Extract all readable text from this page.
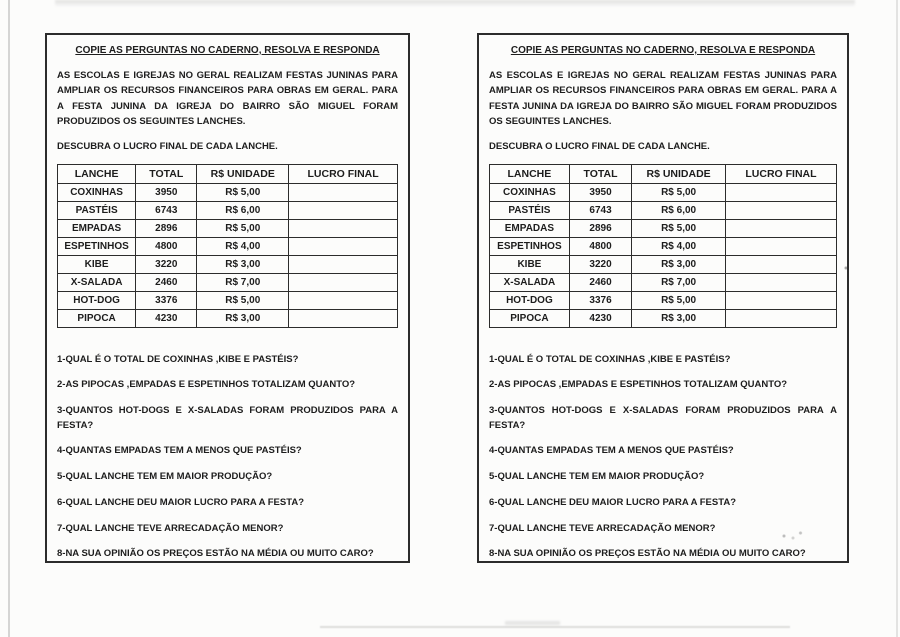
COPIE AS PERGUNTAS NO CADERNO, RESOLVA E RESPONDA

AS ESCOLAS E IGREJAS NO GERAL REALIZAM FESTAS JUNINAS PARA AMPLIAR OS RECURSOS FINANCEIROS PARA OBRAS EM GERAL. PARA A FESTA JUNINA DA IGREJA DO BAIRRO SÃO MIGUEL FORAM PRODUZIDOS OS SEGUINTES LANCHES.

DESCUBRA O LUCRO FINAL DE CADA LANCHE.

LANCHE	TOTAL	R$ UNIDADE	LUCRO FINAL
COXINHAS	3950	R$ 5,00	
PASTÉIS	6743	R$ 6,00	
EMPADAS	2896	R$ 5,00	
ESPETINHOS	4800	R$ 4,00	
KIBE	3220	R$ 3,00	
X-SALADA	2460	R$ 7,00	
HOT-DOG	3376	R$ 5,00	
PIPOCA	4230	R$ 3,00	

1-QUAL É O TOTAL DE COXINHAS ,KIBE E PASTÉIS?

2-AS PIPOCAS ,EMPADAS E ESPETINHOS TOTALIZAM QUANTO?

3-QUANTOS HOT-DOGS E X-SALADAS FORAM PRODUZIDOS PARA A FESTA?

4-QUANTAS EMPADAS TEM A MENOS QUE PASTÉIS?

5-QUAL LANCHE TEM EM MAIOR PRODUÇÃO?

6-QUAL LANCHE DEU MAIOR LUCRO PARA A FESTA?

7-QUAL LANCHE TEVE ARRECADAÇÃO MENOR?

8-NA SUA OPINIÃO OS PREÇOS ESTÃO NA MÉDIA OU MUITO CARO?

COPIE AS PERGUNTAS NO CADERNO, RESOLVA E RESPONDA

AS ESCOLAS E IGREJAS NO GERAL REALIZAM FESTAS JUNINAS PARA AMPLIAR OS RECURSOS FINANCEIROS PARA OBRAS EM GERAL. PARA A FESTA JUNINA DA IGREJA DO BAIRRO SÃO MIGUEL FORAM PRODUZIDOS OS SEGUINTES LANCHES.

DESCUBRA O LUCRO FINAL DE CADA LANCHE.

LANCHE	TOTAL	R$ UNIDADE	LUCRO FINAL
COXINHAS	3950	R$ 5,00	
PASTÉIS	6743	R$ 6,00	
EMPADAS	2896	R$ 5,00	
ESPETINHOS	4800	R$ 4,00	
KIBE	3220	R$ 3,00	
X-SALADA	2460	R$ 7,00	
HOT-DOG	3376	R$ 5,00	
PIPOCA	4230	R$ 3,00	

1-QUAL É O TOTAL DE COXINHAS ,KIBE E PASTÉIS?

2-AS PIPOCAS ,EMPADAS E ESPETINHOS TOTALIZAM QUANTO?

3-QUANTOS HOT-DOGS E X-SALADAS FORAM PRODUZIDOS PARA A FESTA?

4-QUANTAS EMPADAS TEM A MENOS QUE PASTÉIS?

5-QUAL LANCHE TEM EM MAIOR PRODUÇÃO?

6-QUAL LANCHE DEU MAIOR LUCRO PARA A FESTA?

7-QUAL LANCHE TEVE ARRECADAÇÃO MENOR?

8-NA SUA OPINIÃO OS PREÇOS ESTÃO NA MÉDIA OU MUITO CARO?
